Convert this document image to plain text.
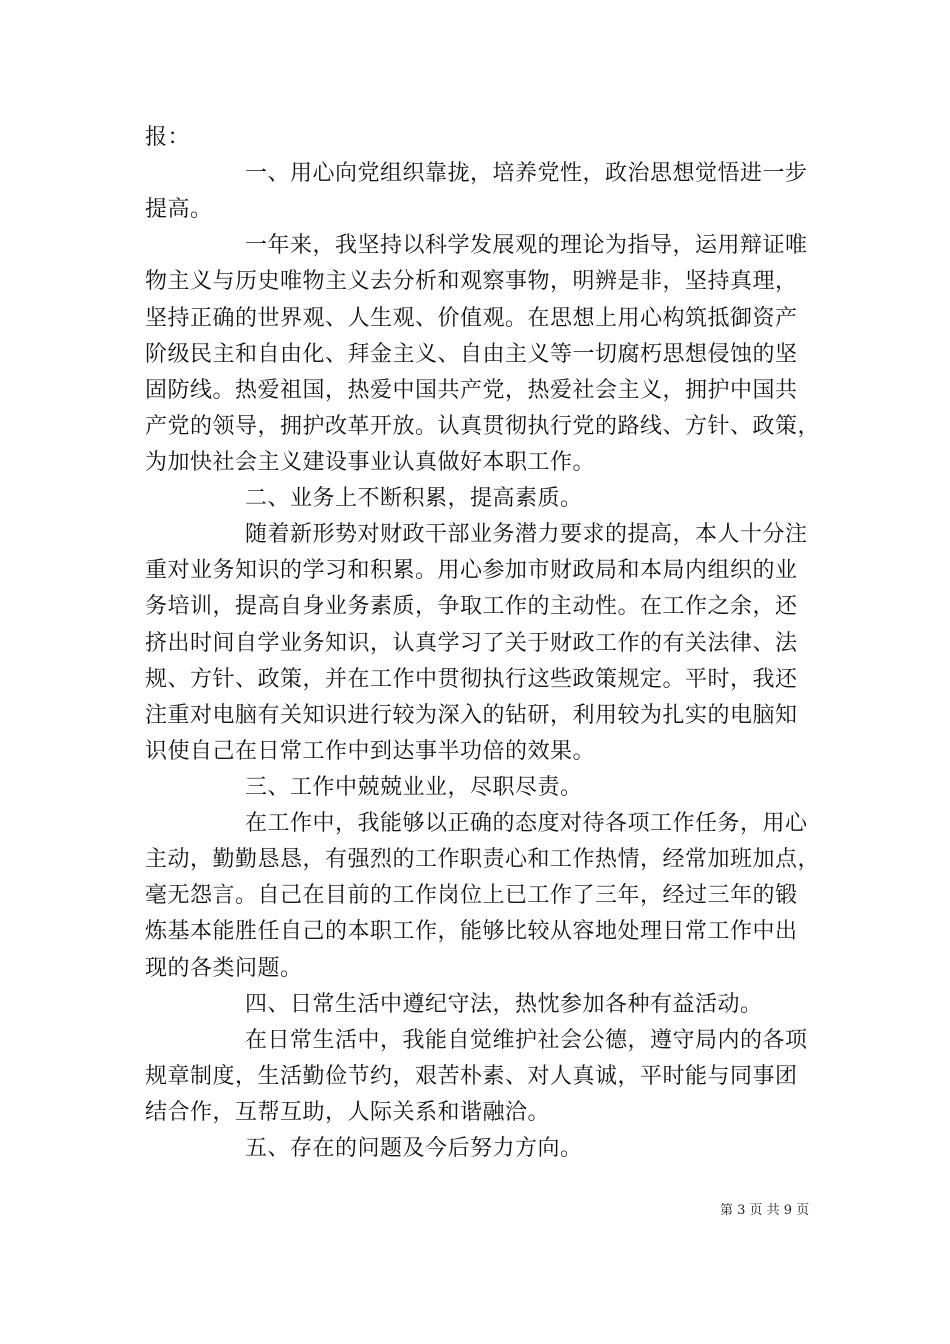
报：
一、用心向党组织靠拢，培养党性，政治思想觉悟进一步
提高。
一年来，我坚持以科学发展观的理论为指导，运用辩证唯
物主义与历史唯物主义去分析和观察事物，明辨是非，坚持真理，
坚持正确的世界观、人生观、价值观。在思想上用心构筑抵御资产
阶级民主和自由化、拜金主义、自由主义等一切腐朽思想侵蚀的坚
固防线。热爱祖国，热爱中国共产党，热爱社会主义，拥护中国共
产党的领导，拥护改革开放。认真贯彻执行党的路线、方针、政策，
为加快社会主义建设事业认真做好本职工作。
二、业务上不断积累，提高素质。
随着新形势对财政干部业务潜力要求的提高，本人十分注
重对业务知识的学习和积累。用心参加市财政局和本局内组织的业
务培训，提高自身业务素质，争取工作的主动性。在工作之余，还
挤出时间自学业务知识，认真学习了关于财政工作的有关法律、法
规、方针、政策，并在工作中贯彻执行这些政策规定。平时，我还
注重对电脑有关知识进行较为深入的钻研，利用较为扎实的电脑知
识使自己在日常工作中到达事半功倍的效果。
三、工作中兢兢业业，尽职尽责。
在工作中，我能够以正确的态度对待各项工作任务，用心
主动，勤勤恳恳，有强烈的工作职责心和工作热情，经常加班加点，
毫无怨言。自己在目前的工作岗位上已工作了三年，经过三年的锻
炼基本能胜任自己的本职工作，能够比较从容地处理日常工作中出
现的各类问题。
四、日常生活中遵纪守法，热忱参加各种有益活动。
在日常生活中，我能自觉维护社会公德，遵守局内的各项
规章制度，生活勤俭节约，艰苦朴素、对人真诚，平时能与同事团
结合作，互帮互助，人际关系和谐融洽。
五、存在的问题及今后努力方向。
第 3 页 共 9 页
